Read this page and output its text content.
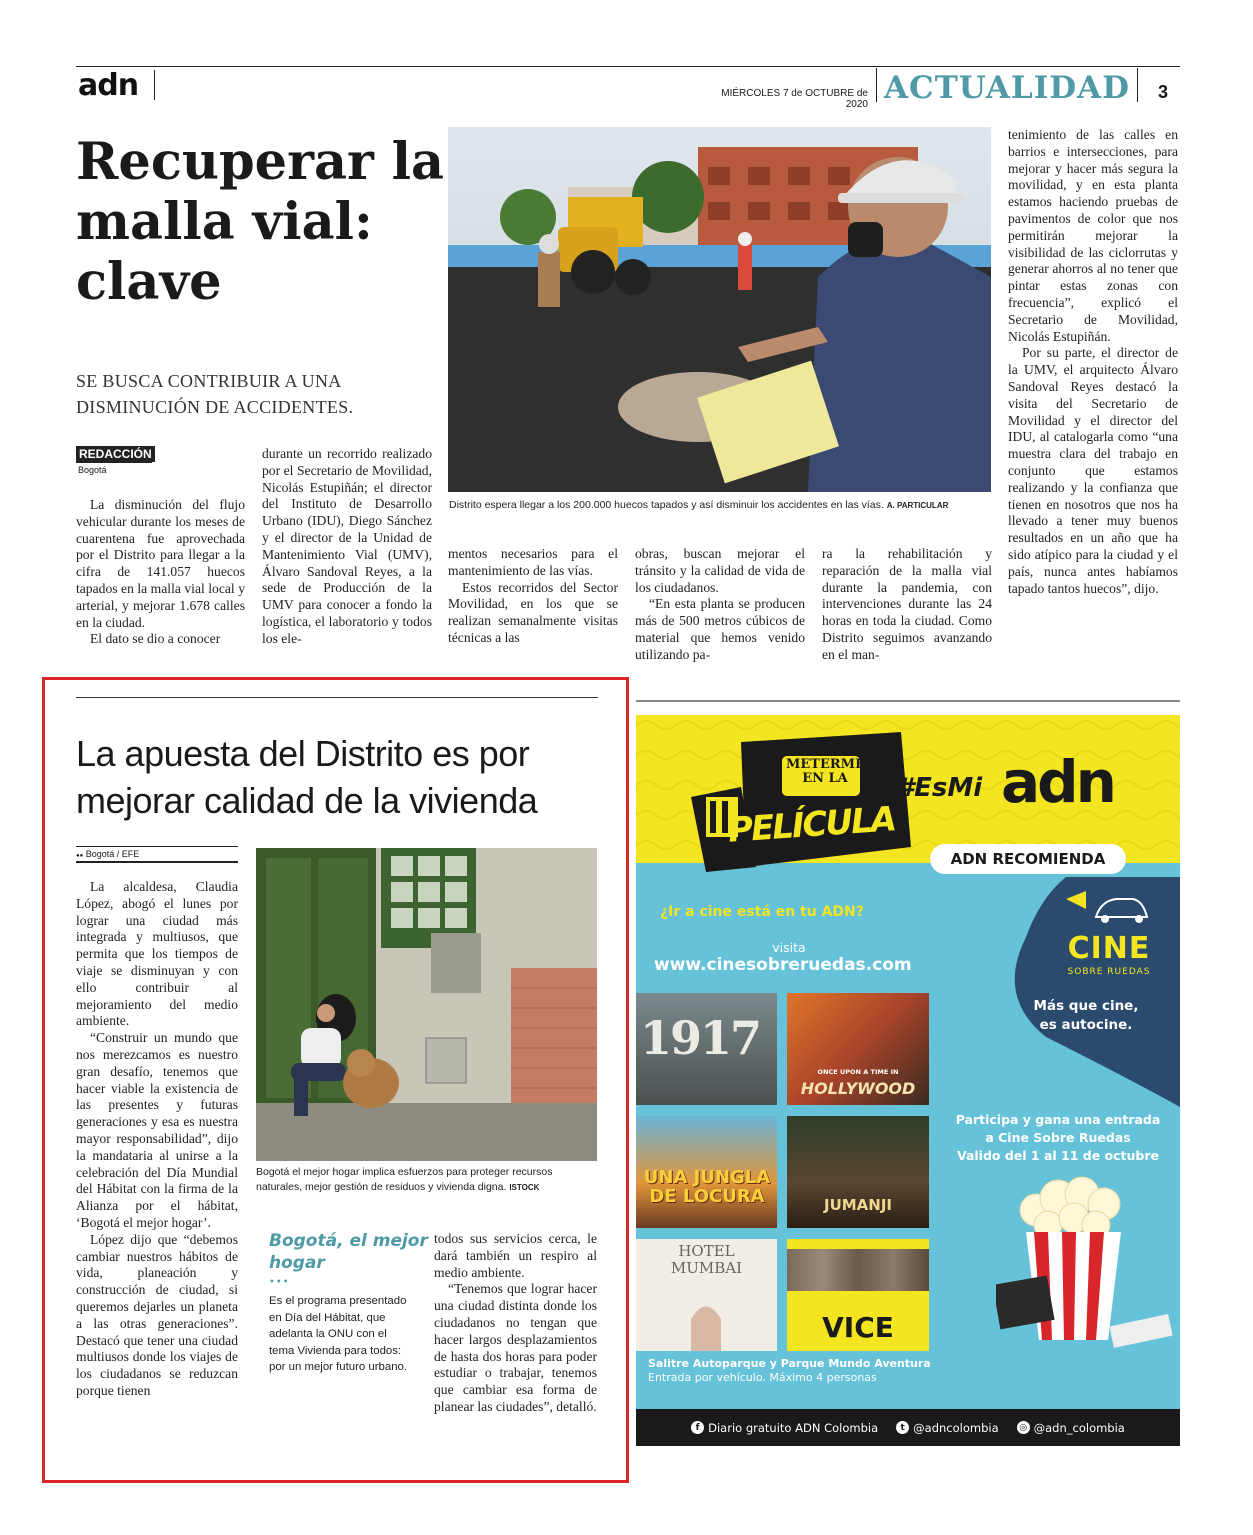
adn	MIÉRCOLES 7 de OCTUBRE de 2020 ACTUALIDAD 3
Recuperar la malla vial: clave
SE BUSCA CONTRIBUIR A UNA DISMINUCIÓN DE ACCIDENTES.
REDACCIÓN
Bogotá

La disminución del flujo vehicular durante los meses de cuarentena fue aprovechada por el Distrito para llegar a la cifra de 141.057 huecos tapados en la malla vial local y arterial, y mejorar 1.678 calles en la ciudad.

El dato se dio a conocer

durante un recorrido realizado por el Secretario de Movilidad, Nicolás Estupiñán; el director del Instituto de Desarrollo Urbano (IDU), Diego Sánchez y el director de la Unidad de Mantenimiento Vial (UMV), Álvaro Sandoval Reyes, a la sede de Producción de la UMV para conocer a fondo la logística, el laboratorio y todos los ele-

Distrito espera llegar a los 200.000 huecos tapados y así disminuir los accidentes en las vías. A. PARTICULAR

mentos necesarios para el mantenimiento de las vías.

Estos recorridos del Sector Movilidad, en los que se realizan semanalmente visitas técnicas a las

obras, buscan mejorar el tránsito y la calidad de vida de los ciudadanos.

“En esta planta se producen más de 500 metros cúbicos de material que hemos venido utilizando pa-

ra la rehabilitación y reparación de la malla vial durante la pandemia, con intervenciones durante las 24 horas en toda la ciudad. Como Distrito seguimos avanzando en el man-

tenimiento de las calles en barrios e intersecciones, para mejorar y hacer más segura la movilidad, y en esta planta estamos haciendo pruebas de pavimentos de color que nos permitirán mejorar la visibilidad de las ciclorrutas y generar ahorros al no tener que pintar estas zonas con frecuencia”, explicó el Secretario de Movilidad, Nicolás Estupiñán.

Por su parte, el director de la UMV, el arquitecto Álvaro Sandoval Reyes destacó la visita del Secretario de Movilidad y el director del IDU, al catalogarla como “una muestra clara del trabajo en conjunto que estamos realizando y la confianza que tienen en nosotros que nos ha llevado a tener muy buenos resultados en un año que ha sido atípico para la ciudad y el país, nunca antes habíamos tapado tantos huecos”, dijo.

La apuesta del Distrito es por mejorar calidad de la vivienda
●● Bogotá / EFE

La alcaldesa, Claudia López, abogó el lunes por lograr una ciudad más integrada y multiusos, que permita que los tiempos de viaje se disminuyan y con ello contribuir al mejoramiento del medio ambiente.

“Construir un mundo que nos merezcamos es nuestro gran desafío, tenemos que hacer viable la existencia de las presentes y futuras generaciones y esa es nuestra mayor responsabilidad”, dijo la mandataria al unirse a la celebración del Día Mundial del Hábitat con la firma de la Alianza por el hábitat, ‘Bogotá el mejor hogar’.

López dijo que “debemos cambiar nuestros hábitos de vida, planeación y construcción de ciudad, si queremos dejarles un planeta a las otras generaciones”. Destacó que tener una ciudad multiusos donde los viajes de los ciudadanos se reduzcan porque tienen

Bogotá el mejor hogar implica esfuerzos para proteger recursos naturales, mejor gestión de residuos y vivienda digna. ISTOCK
Bogotá, el mejor hogar
•••
Es el programa presentado en Día del Hábitat, que adelanta la ONU con el tema Vivienda para todos: por un mejor futuro urbano.

todos sus servicios cerca, le dará también un respiro al medio ambiente.

“Tenemos que lograr hacer una ciudad distinta donde los ciudadanos no tengan que hacer largos desplazamientos de hasta dos horas para poder estudiar o trabajar, tenemos que cambiar esa forma de planear las ciudades”, detalló.

METERME
EN LA
PELÍCULA
#EsMi adn
ADN RECOMIENDA
CINE
SOBRE RUEDAS
Más que cine,
es autocine.
¿Ir a cine está en tu ADN?
visita
www.cinesobreruedas.com
1917
ONCE UPON A TIME IN
HOLLYWOOD
UNA JUNGLA DE LOCURA	JUMANJI
HOTEL MUMBAI
VICE
Participa y gana una entrada
a Cine Sobre Ruedas
Valido del 1 al 11 de octubre
Salitre Autoparque y Parque Mundo Aventura
Entrada por vehículo. Máximo 4 personas
f Diario gratuito ADN Colombia	t @adncolombia ◎ @adn_colombia
